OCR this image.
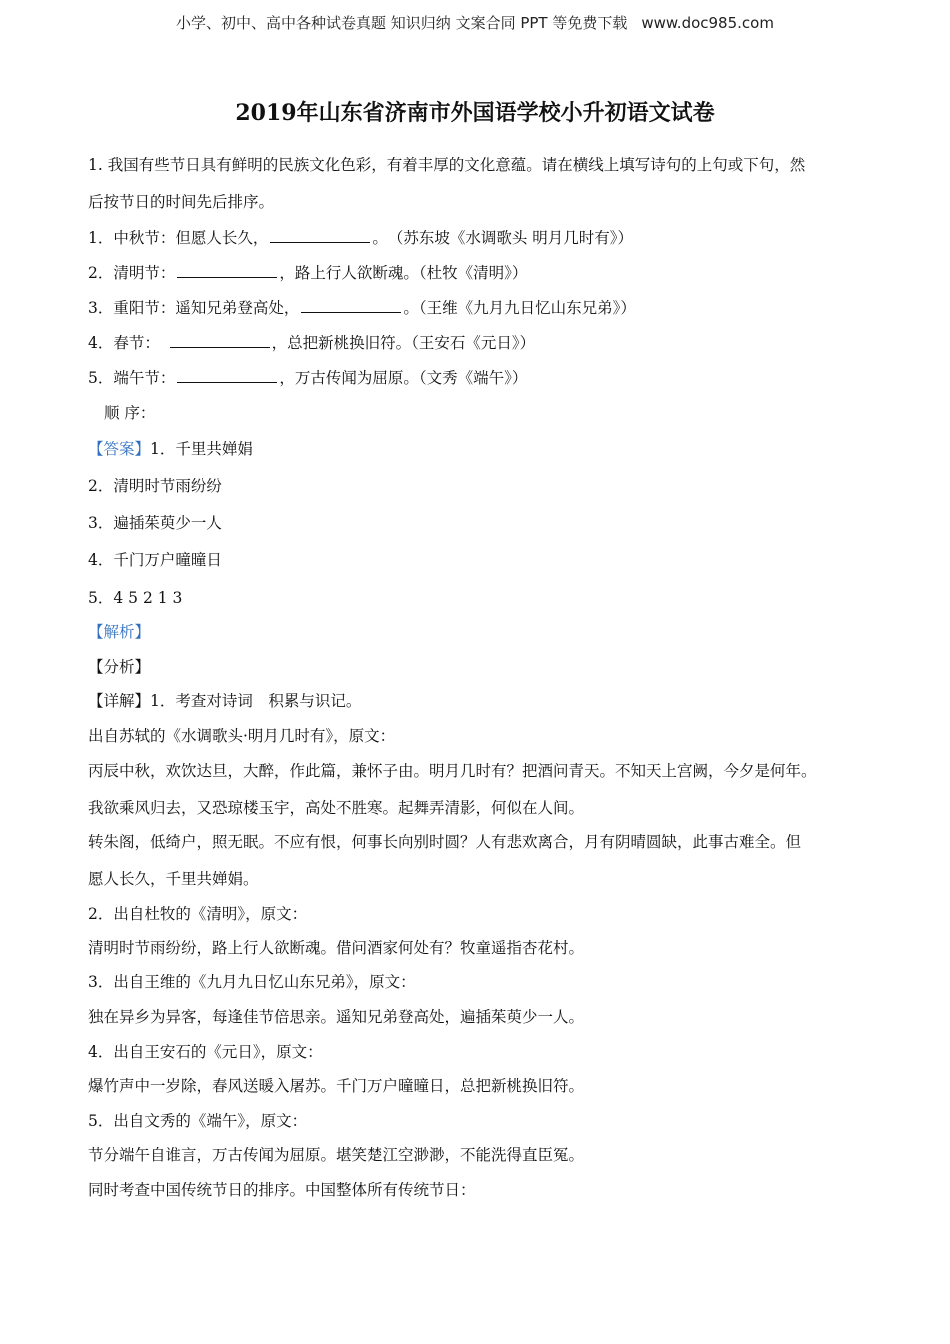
小学、初中、高中各种试卷真题 知识归纳 文案合同 PPT 等免费下载 www.doc985.com
2019年山东省济南市外国语学校小升初语文试卷
1. 我国有些节日具有鲜明的民族文化色彩，有着丰厚的文化意蕴。请在横线上填写诗句的上句或下句，然
后按节日的时间先后排序。
1．中秋节：但愿人长久，	。　（苏东坡《水调歌头 明月几时有》）
2．清明节：	，路上行人欲断魂。（杜牧《清明》）
3．重阳节：遥知兄弟登高处，	。（王维《九月九日忆山东兄弟》）
4．春节：　	，总把新桃换旧符。（王安石《元日》）
5．端午节：	，万古传闻为屈原。（文秀《端午》）
顺 序：
【答案】1．千里共婵娟
2．清明时节雨纷纷
3．遍插茱萸少一人
4．千门万户曈曈日
5．4 5 2 1 3
【解析】
【分析】
【详解】1．考查对诗词　积累与识记。
出自苏轼的《水调歌头·明月几时有》，原文：
丙辰中秋，欢饮达旦，大醉，作此篇，兼怀子由。明月几时有？把酒问青天。不知天上宫阙，今夕是何年。
我欲乘风归去，又恐琼楼玉宇，高处不胜寒。起舞弄清影，何似在人间。
转朱阁，低绮户，照无眠。不应有恨，何事长向别时圆？人有悲欢离合，月有阴晴圆缺，此事古难全。但
愿人长久，千里共婵娟。
2．出自杜牧的《清明》，原文：
清明时节雨纷纷，路上行人欲断魂。借问酒家何处有？牧童遥指杏花村。
3．出自王维的《九月九日忆山东兄弟》，原文：
独在异乡为异客，每逢佳节倍思亲。遥知兄弟登高处，遍插茱萸少一人。
4．出自王安石的《元日》，原文：
爆竹声中一岁除，春风送暖入屠苏。千门万户曈曈日，总把新桃换旧符。
5．出自文秀的《端午》，原文：
节分端午自谁言，万古传闻为屈原。堪笑楚江空渺渺，不能洗得直臣冤。
同时考查中国传统节日的排序。中国整体所有传统节日：
